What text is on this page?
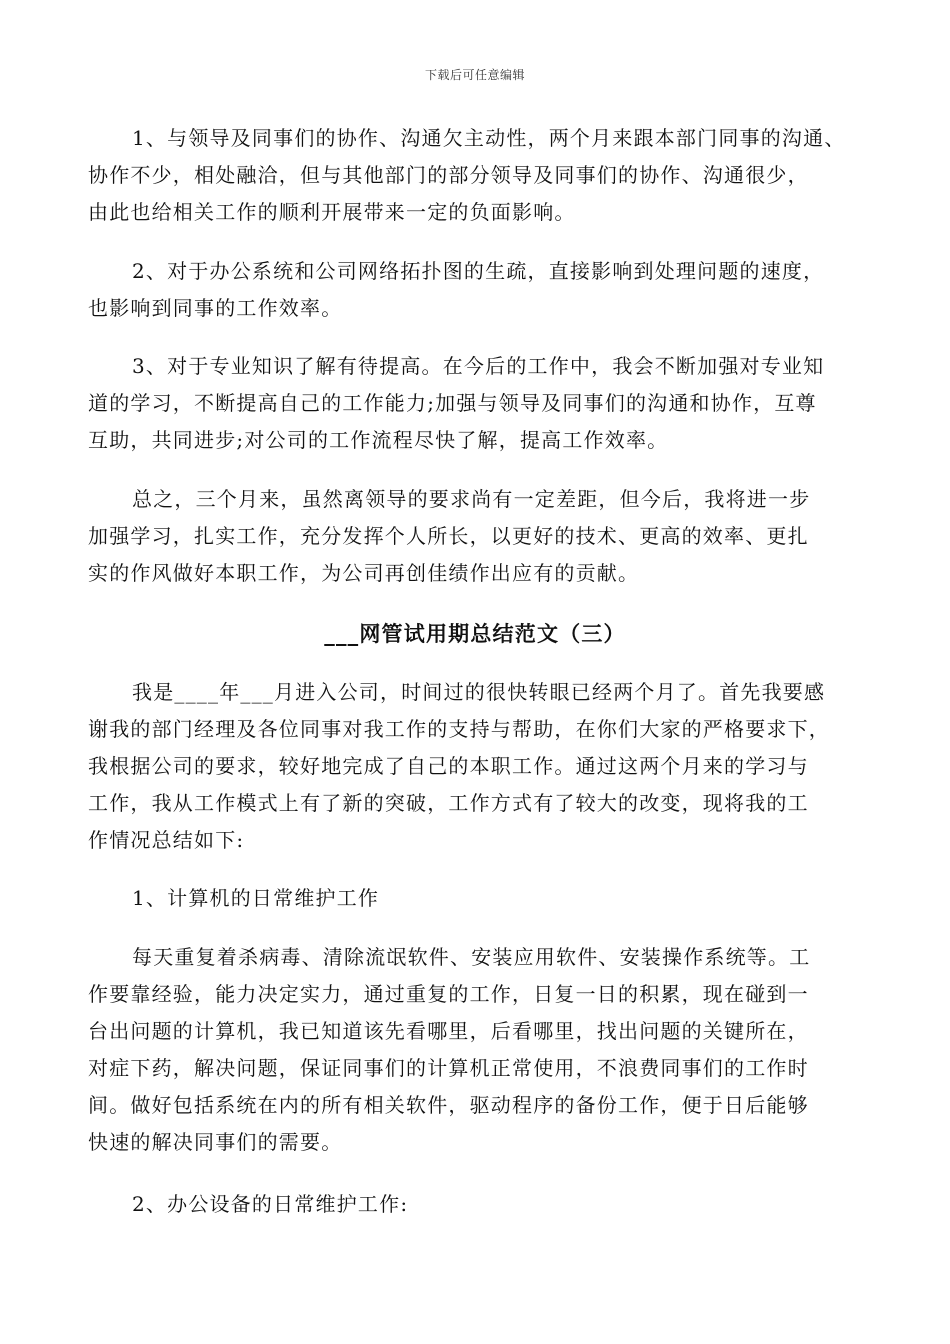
下载后可任意编辑
1、与领导及同事们的协作、沟通欠主动性，两个月来跟本部门同事的沟通、
协作不少，相处融洽，但与其他部门的部分领导及同事们的协作、沟通很少，
由此也给相关工作的顺利开展带来一定的负面影响。
2、对于办公系统和公司网络拓扑图的生疏，直接影响到处理问题的速度，
也影响到同事的工作效率。
3、对于专业知识了解有待提高。在今后的工作中，我会不断加强对专业知
道的学习，不断提高自己的工作能力;加强与领导及同事们的沟通和协作，互尊
互助，共同进步;对公司的工作流程尽快了解，提高工作效率。
总之，三个月来，虽然离领导的要求尚有一定差距，但今后，我将进一步
加强学习，扎实工作，充分发挥个人所长，以更好的技术、更高的效率、更扎
实的作风做好本职工作，为公司再创佳绩作出应有的贡献。
___网管试用期总结范文（三）
我是____年___月进入公司，时间过的很快转眼已经两个月了。首先我要感
谢我的部门经理及各位同事对我工作的支持与帮助，在你们大家的严格要求下，
我根据公司的要求，较好地完成了自己的本职工作。通过这两个月来的学习与
工作，我从工作模式上有了新的突破，工作方式有了较大的改变，现将我的工
作情况总结如下:
1、计算机的日常维护工作
每天重复着杀病毒、清除流氓软件、安装应用软件、安装操作系统等。工
作要靠经验，能力决定实力，通过重复的工作，日复一日的积累，现在碰到一
台出问题的计算机，我已知道该先看哪里，后看哪里，找出问题的关键所在，
对症下药，解决问题，保证同事们的计算机正常使用，不浪费同事们的工作时
间。做好包括系统在内的所有相关软件，驱动程序的备份工作，便于日后能够
快速的解决同事们的需要。
2、办公设备的日常维护工作:
